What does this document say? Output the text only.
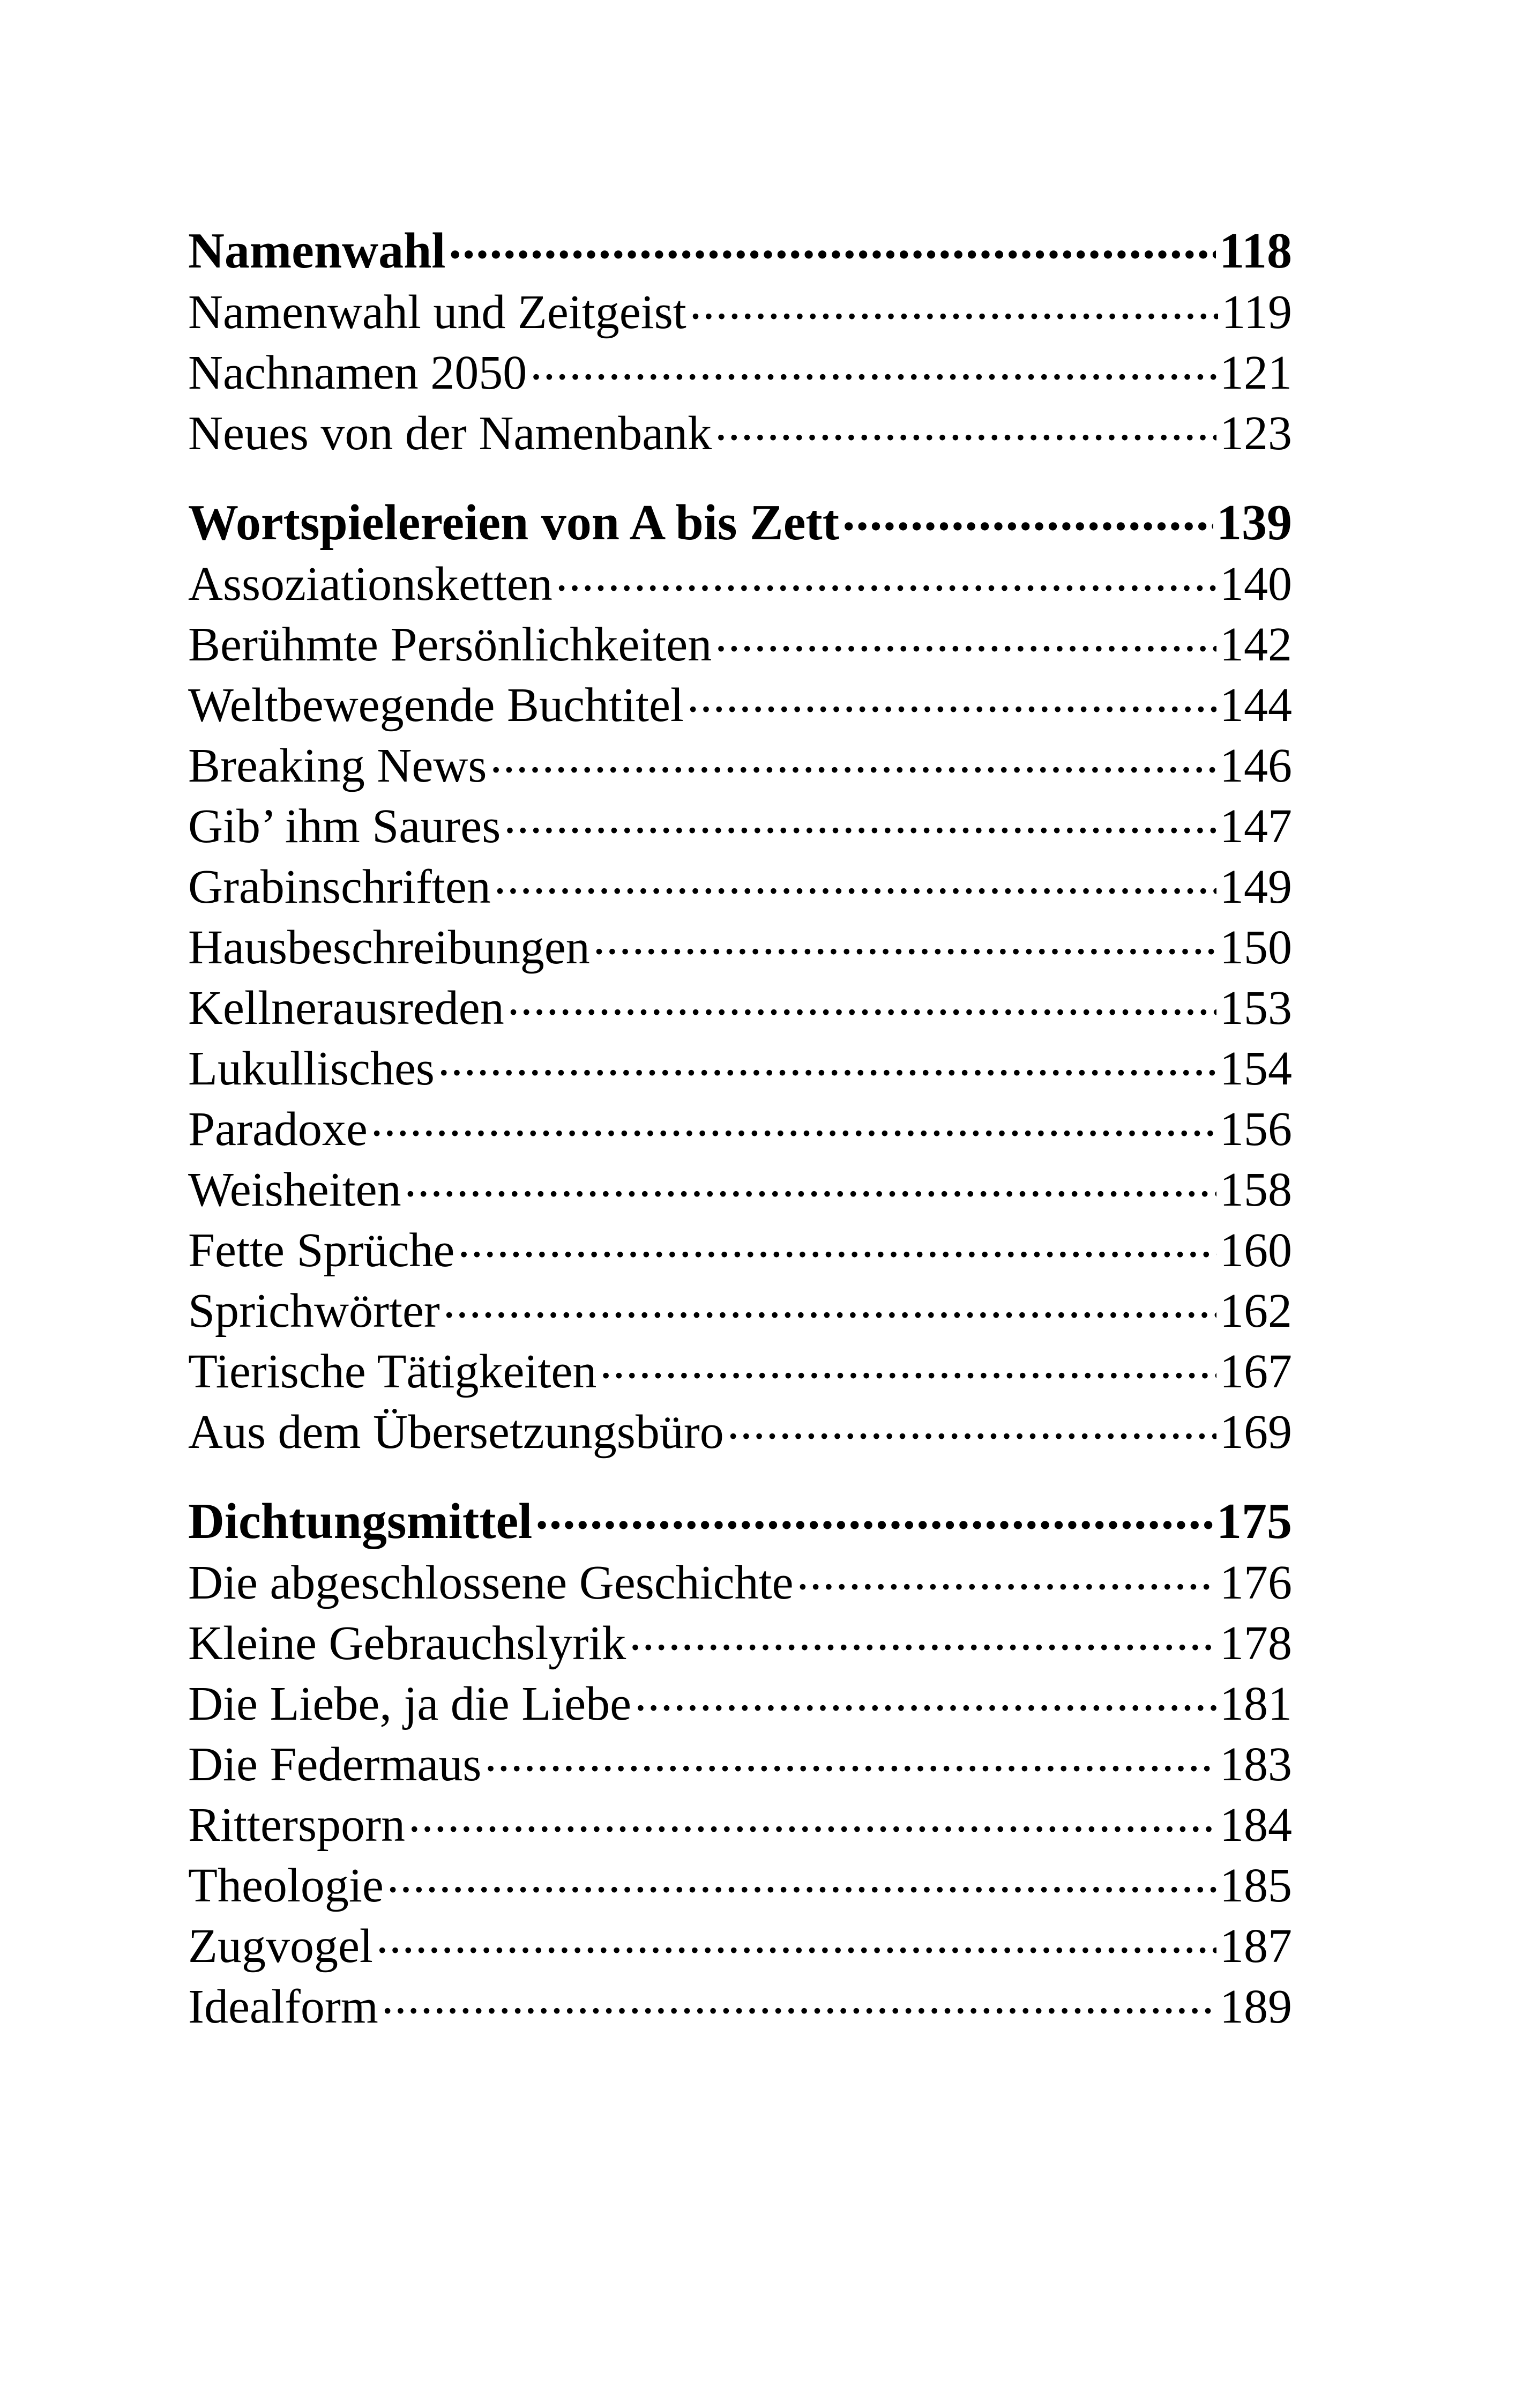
Namenwahl .....	118
Namenwahl und Zeitgeist .....	119
Nachnamen 2050 .....	121
Neues von der Namenbank .....	123
Wortspielereien von A bis Zett .....	139
Assoziationsketten .....	140
Berühmte Persönlichkeiten .....	142
Weltbewegende Buchtitel .....	144
Breaking News .....	146
Gib’ ihm Saures .....	147
Grabinschriften .....	149
Hausbeschreibungen .....	150
Kellnerausreden .....	153
Lukullisches .....	154
Paradoxe .....	156
Weisheiten .....	158
Fette Sprüche .....	160
Sprichwörter .....	162
Tierische Tätigkeiten .....	167
Aus dem Übersetzungsbüro .....	169
Dichtungsmittel .....	175
Die abgeschlossene Geschichte .....	176
Kleine Gebrauchslyrik .....	178
Die Liebe, ja die Liebe .....	181
Die Federmaus .....	183
Rittersporn .....	184
Theologie .....	185
Zugvogel .....	187
Idealform .....	189
